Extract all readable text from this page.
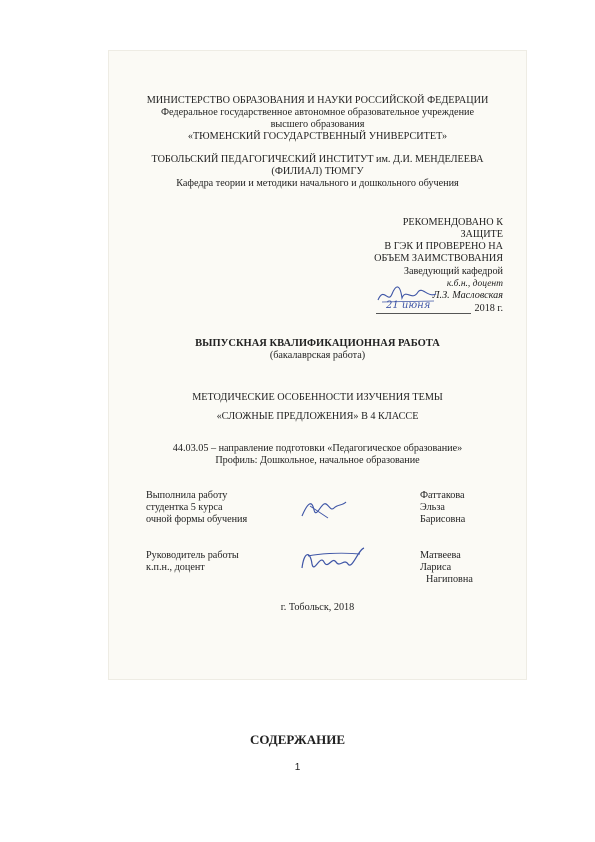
МИНИСТЕРСТВО ОБРАЗОВАНИЯ И НАУКИ РОССИЙСКОЙ ФЕДЕРАЦИИ
Федеральное государственное автономное образовательное учреждение
высшего образования
«ТЮМЕНСКИЙ ГОСУДАРСТВЕННЫЙ УНИВЕРСИТЕТ»
ТОБОЛЬСКИЙ ПЕДАГОГИЧЕСКИЙ ИНСТИТУТ им. Д.И. МЕНДЕЛЕЕВА
(ФИЛИАЛ) ТЮМГУ
Кафедра теории и методики начального и дошкольного обучения
РЕКОМЕНДОВАНО К
ЗАЩИТЕ
В ГЭК И ПРОВЕРЕНО НА
ОБЪЕМ ЗАИМСТВОВАНИЯ
Заведующий кафедрой
к.б.н., доцент
Л.З. Масловская
21 июня	2018 г.
ВЫПУСКНАЯ КВАЛИФИКАЦИОННАЯ РАБОТА
(бакалаврская работа)
МЕТОДИЧЕСКИЕ ОСОБЕННОСТИ ИЗУЧЕНИЯ ТЕМЫ
«СЛОЖНЫЕ ПРЕДЛОЖЕНИЯ» В 4 КЛАССЕ
44.03.05 – направление подготовки «Педагогическое образование»
Профиль: Дошкольное, начальное образование
Выполнила работу
студентка 5 курса
очной формы обучения
Фаттакова
Эльза
Барисовна
Руководитель работы
к.п.н., доцент
Матвеева
Лариса
Нагиповна
г. Тобольск, 2018
СОДЕРЖАНИЕ
1
